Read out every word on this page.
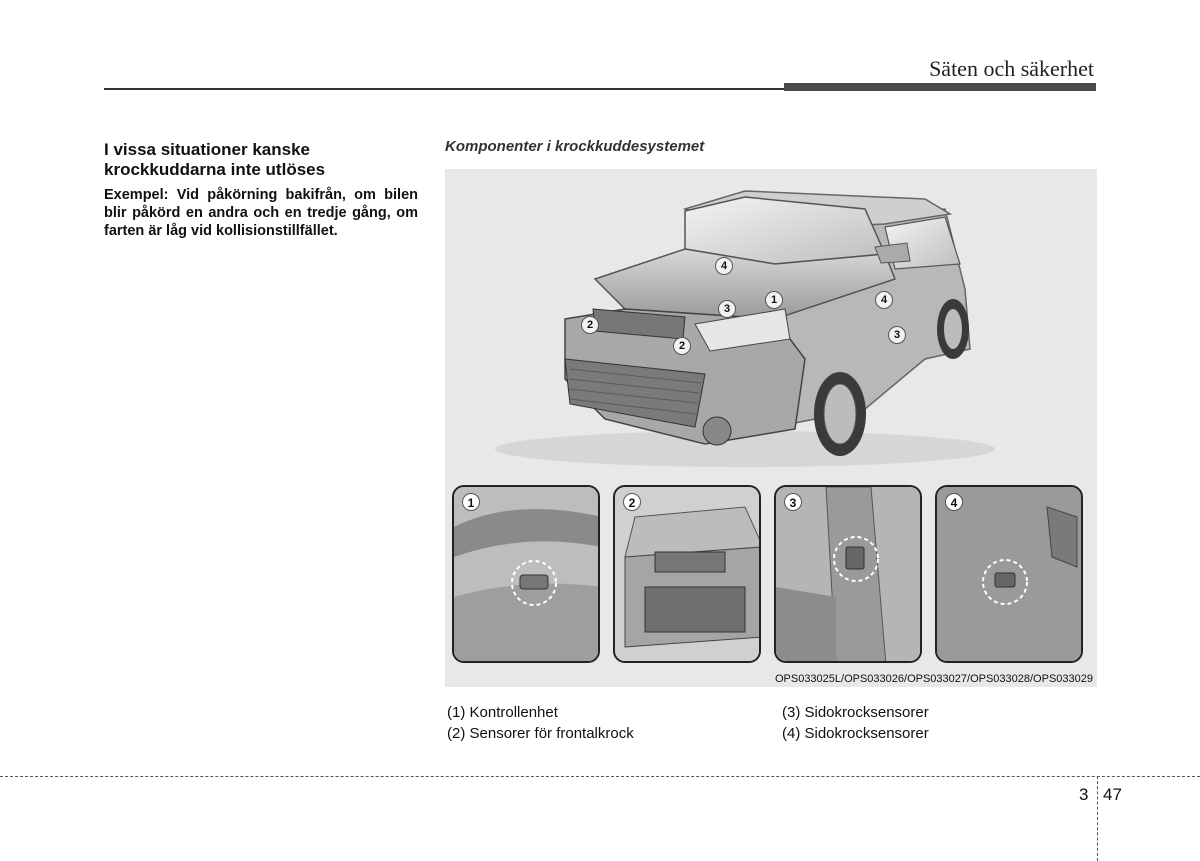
Säten och säkerhet
I vissa situationer kanske krockkuddarna inte utlöses
Exempel: Vid påkörning bakifrån, om bilen blir påkörd en andra och en tredje gång, om farten är låg vid kollisionstillfället.
Komponenter i krockkuddesystemet
4
1
3
4
3
2
2
1	2	3	4
OPS033025L/OPS033026/OPS033027/OPS033028/OPS033029
(1) Kontrollenhet
(2) Sensorer för frontalkrock
(3) Sidokrocksensorer
(4) Sidokrocksensorer
3 47
